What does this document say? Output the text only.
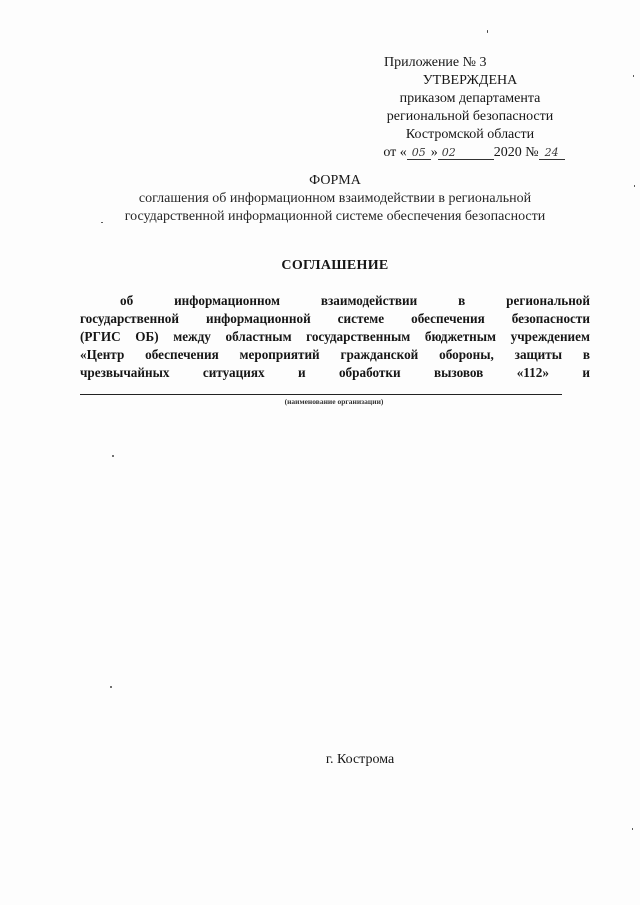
Приложение № 3
УТВЕРЖДЕНА
приказом департамента
региональной безопасности
Костромской области
от « 05 » 02	2020 № 24
ФОРМА
соглашения об информационном взаимодействии в региональной
государственной информационной системе обеспечения безопасности
СОГЛАШЕНИЕ
об	информационном	взаимодействии	в	региональной
государственной информационной системе обеспечения безопасности
(РГИС ОБ) между областным государственным бюджетным учреждением
«Центр обеспечения мероприятий гражданской обороны, защиты в
чрезвычайных	ситуациях	и	обработки	вызовов	«112»	и
(наименование организации)
г. Кострома
